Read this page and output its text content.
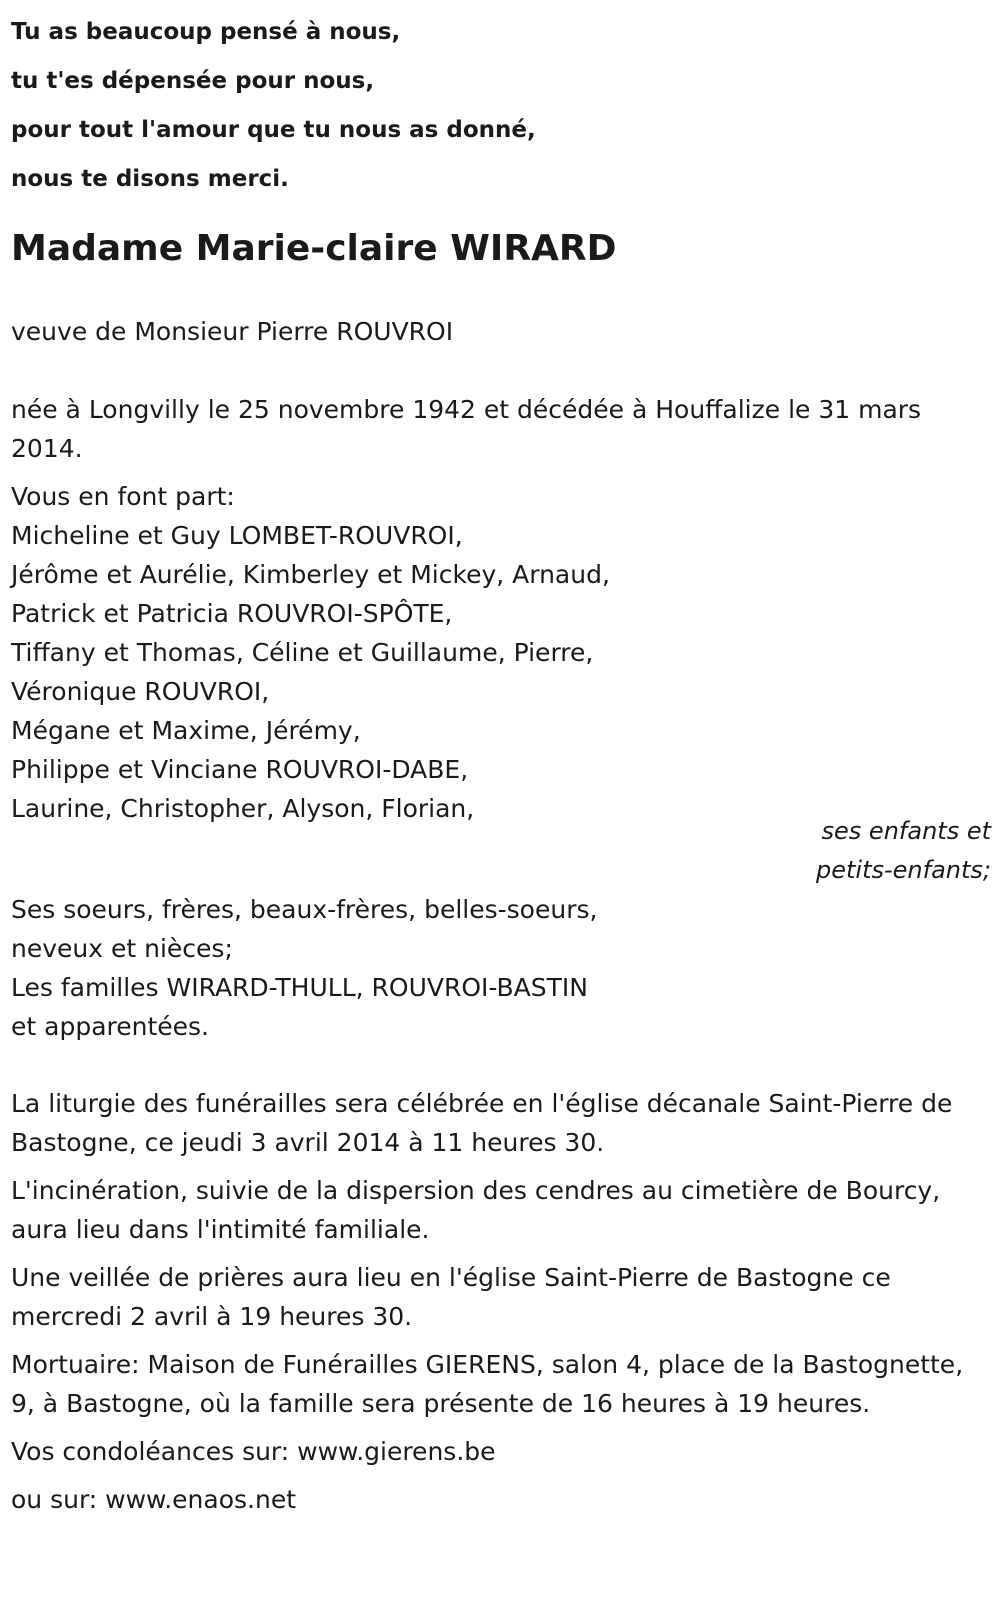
Tu as beaucoup pensé à nous,
tu t'es dépensée pour nous,
pour tout l'amour que tu nous as donné,
nous te disons merci.
Madame Marie-claire WIRARD
veuve de Monsieur Pierre ROUVROI
née à Longvilly le 25 novembre 1942 et décédée à Houffalize le 31 mars 2014.
Vous en font part:
Micheline et Guy LOMBET-ROUVROI,
Jérôme et Aurélie, Kimberley et Mickey, Arnaud,
Patrick et Patricia ROUVROI-SPÔTE,
Tiffany et Thomas, Céline et Guillaume, Pierre,
Véronique ROUVROI,
Mégane et Maxime, Jérémy,
Philippe et Vinciane ROUVROI-DABE,
Laurine, Christopher, Alyson, Florian,
ses enfants et
petits-enfants;
Ses soeurs, frères, beaux-frères, belles-soeurs,
neveux et nièces;
Les familles WIRARD-THULL, ROUVROI-BASTIN
et apparentées.
La liturgie des funérailles sera célébrée en l'église décanale Saint-Pierre de Bastogne, ce jeudi 3 avril 2014 à 11 heures 30.
L'incinération, suivie de la dispersion des cendres au cimetière de Bourcy, aura lieu dans l'intimité familiale.
Une veillée de prières aura lieu en l'église Saint-Pierre de Bastogne ce mercredi 2 avril à 19 heures 30.
Mortuaire: Maison de Funérailles GIERENS, salon 4, place de la Bastognette, 9, à Bastogne, où la famille sera présente de 16 heures à 19 heures.
Vos condoléances sur: www.gierens.be
ou sur: www.enaos.net
